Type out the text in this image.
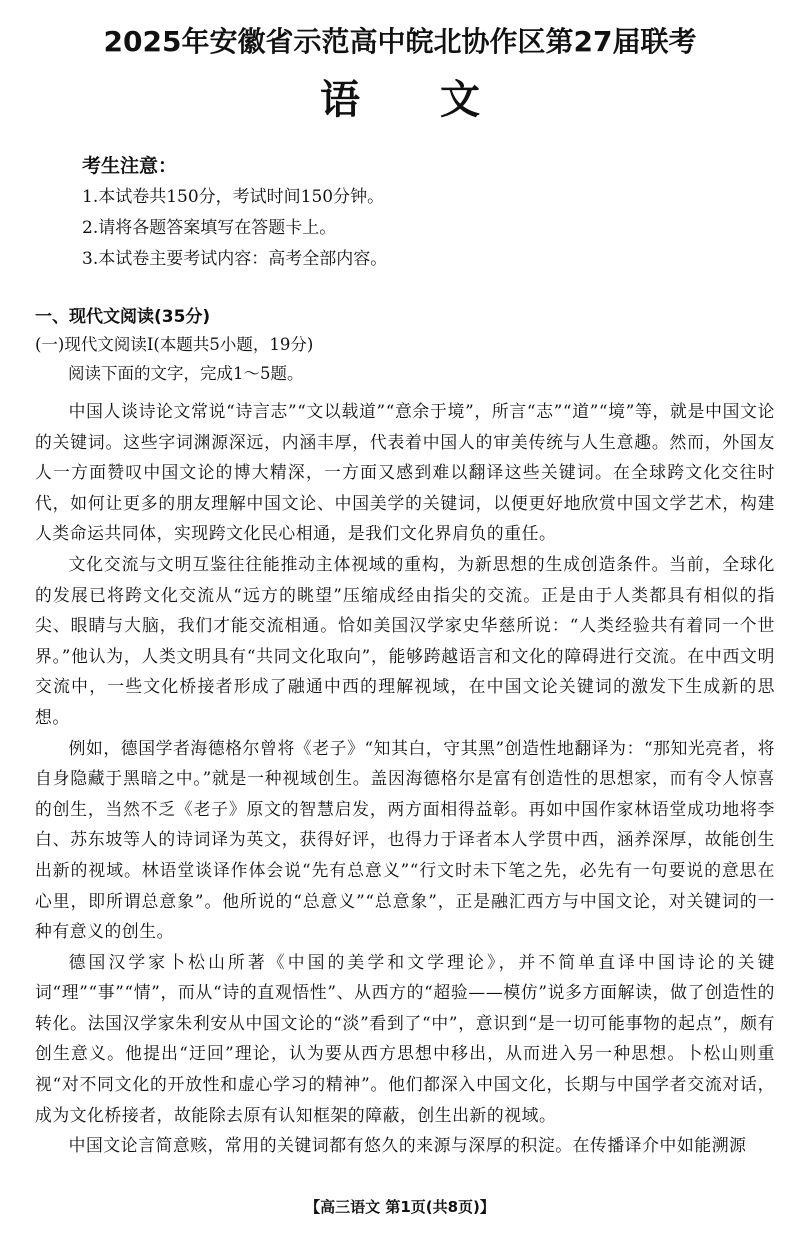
2025年安徽省示范高中皖北协作区第27届联考
语文
考生注意：
1.本试卷共150分，考试时间150分钟。
2.请将各题答案填写在答题卡上。
3.本试卷主要考试内容：高考全部内容。
一、现代文阅读(35分)
(一)现代文阅读Ⅰ(本题共5小题，19分)
阅读下面的文字，完成1～5题。

中国人谈诗论文常说“诗言志”“文以载道”“意余于境”，所言“志”“道”“境”等，就是中国文论的关键词。这些字词渊源深远，内涵丰厚，代表着中国人的审美传统与人生意趣。然而，外国友人一方面赞叹中国文论的博大精深，一方面又感到难以翻译这些关键词。在全球跨文化交往时代，如何让更多的朋友理解中国文论、中国美学的关键词，以便更好地欣赏中国文学艺术，构建人类命运共同体，实现跨文化民心相通，是我们文化界肩负的重任。

文化交流与文明互鉴往往能推动主体视域的重构，为新思想的生成创造条件。当前，全球化的发展已将跨文化交流从“远方的眺望”压缩成经由指尖的交流。正是由于人类都具有相似的指尖、眼睛与大脑，我们才能交流相通。恰如美国汉学家史华慈所说：“人类经验共有着同一个世界。”他认为，人类文明具有“共同文化取向”，能够跨越语言和文化的障碍进行交流。在中西文明交流中，一些文化桥接者形成了融通中西的理解视域，在中国文论关键词的激发下生成新的思想。

例如，德国学者海德格尔曾将《老子》“知其白，守其黑”创造性地翻译为：“那知光亮者，将自身隐藏于黑暗之中。”就是一种视域创生。盖因海德格尔是富有创造性的思想家，而有令人惊喜的创生，当然不乏《老子》原文的智慧启发，两方面相得益彰。再如中国作家林语堂成功地将李白、苏东坡等人的诗词译为英文，获得好评，也得力于译者本人学贯中西，涵养深厚，故能创生出新的视域。林语堂谈译作体会说“先有总意义”“行文时未下笔之先，必先有一句要说的意思在心里，即所谓总意象”。他所说的“总意义”“总意象”，正是融汇西方与中国文论，对关键词的一种有意义的创生。

德国汉学家卜松山所著《中国的美学和文学理论》，并不简单直译中国诗论的关键词“理”“事”“情”，而从“诗的直观悟性”、从西方的“超验——模仿”说多方面解读，做了创造性的转化。法国汉学家朱利安从中国文论的“淡”看到了“中”，意识到“是一切可能事物的起点”，颇有创生意义。他提出“迂回”理论，认为要从西方思想中移出，从而进入另一种思想。卜松山则重视“对不同文化的开放性和虚心学习的精神”。他们都深入中国文化，长期与中国学者交流对话，成为文化桥接者，故能除去原有认知框架的障蔽，创生出新的视域。

中国文论言简意赅，常用的关键词都有悠久的来源与深厚的积淀。在传播译介中如能溯源

【高三语文 第1页(共8页)】
